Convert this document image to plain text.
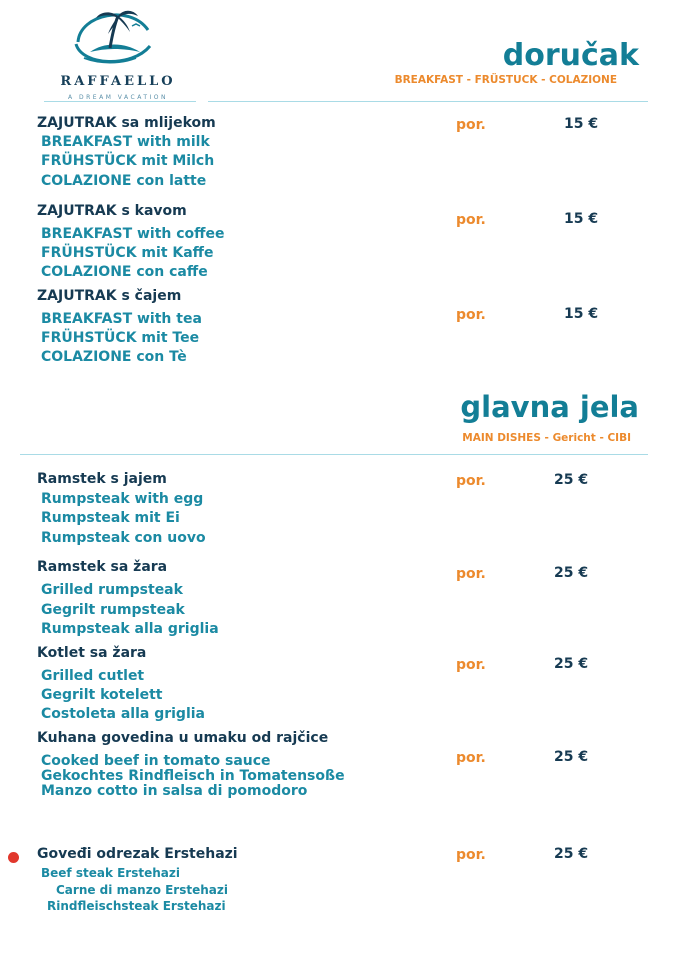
RAFFAELLO
A DREAM VACATION
doručak
BREAKFAST - FRÜSTUCK - COLAZIONE
ZAJUTRAK sa mlijekom
BREAKFAST with milk
FRÜHSTÜCK mit Milch
COLAZIONE con latte
por.	15 €
ZAJUTRAK s kavom
BREAKFAST with coffee
FRÜHSTÜCK mit Kaffe
COLAZIONE con caffe
por.	15 €
ZAJUTRAK s čajem
BREAKFAST with tea
FRÜHSTÜCK mit Tee
COLAZIONE con Tè
por.	15 €
glavna jela
MAIN DISHES - Gericht - CIBI
Ramstek s jajem
Rumpsteak with egg
Rumpsteak mit Ei
Rumpsteak con uovo
por.	25 €
Ramstek sa žara
Grilled rumpsteak
Gegrilt rumpsteak
Rumpsteak alla griglia
por.	25 €
Kotlet sa žara
Grilled cutlet
Gegrilt kotelett
Costoleta alla griglia
por.	25 €
Kuhana govedina u umaku od rajčice
Cooked beef in tomato sauce
Gekochtes Rindfleisch in Tomatensoße
Manzo cotto in salsa di pomodoro
por.	25 €
Goveđi odrezak Erstehazi
Beef steak Erstehazi
Carne di manzo Erstehazi
Rindfleischsteak Erstehazi
por.	25 €
